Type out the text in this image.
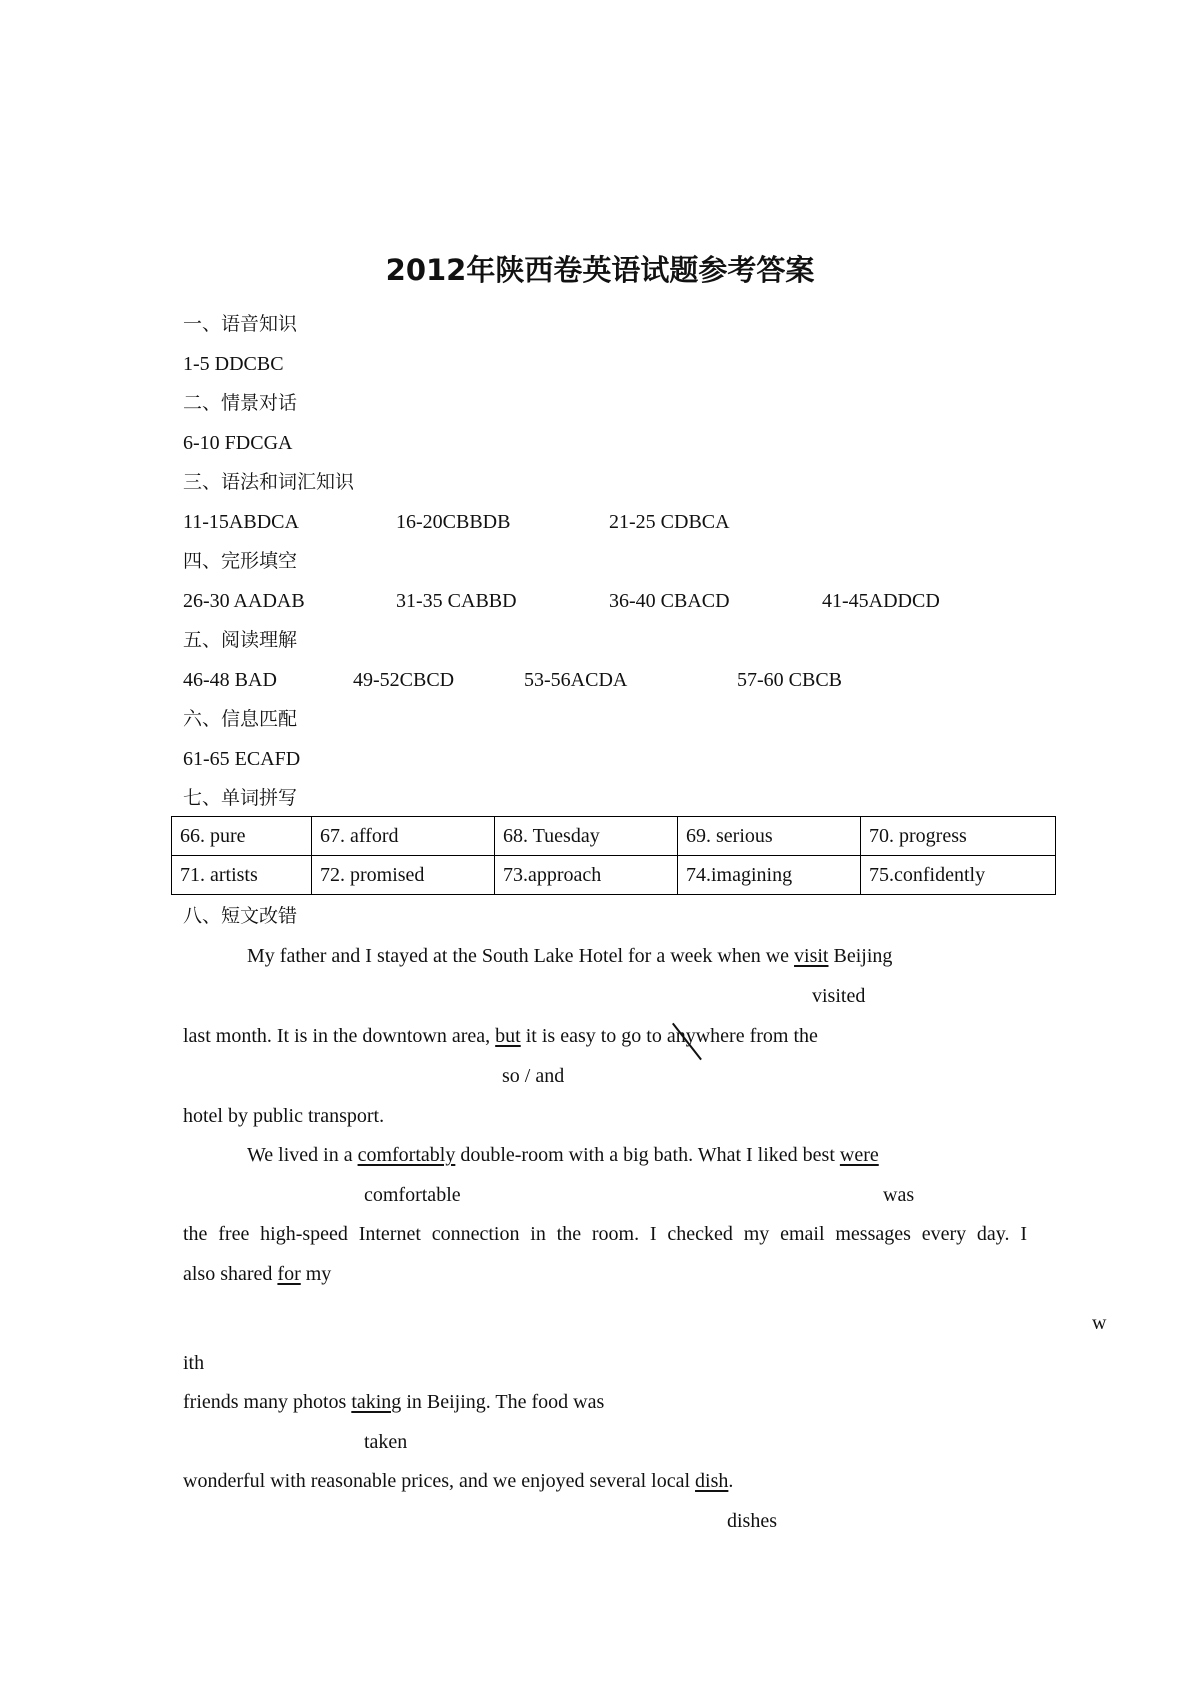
2012年陕西卷英语试题参考答案
一、语音知识
1-5 DDCBC
二、情景对话
6-10 FDCGA
三、语法和词汇知识
11-15ABDCA	16-20CBBDB	21-25 CDBCA
四、完形填空
26-30 AADAB	31-35 CABBD	36-40 CBACD	41-45ADDCD
五、阅读理解
46-48 BAD	49-52CBCD	53-56ACDA	57-60 CBCB
六、信息匹配
61-65 ECAFD
七、单词拼写
66. pure	67. afford	68. Tuesday	69. serious	70. progress
71. artists	72. promised	73.approach	74.imagining	75.confidently
八、短文改错
My father and I stayed at the South Lake Hotel for a week when we visit Beijing
visited
last month. It is in the downtown area, but it is easy to go to anywhere from the
so / and
hotel by public transport.
We lived in a comfortably double-room with a big bath. What I liked best were
comfortable	was
the free high-speed Internet connection in the room. I checked my email messages every day. I
also shared for my
w
ith
friends many photos taking in Beijing. The food was
taken
wonderful with reasonable prices, and we enjoyed several local dish.
dishes
